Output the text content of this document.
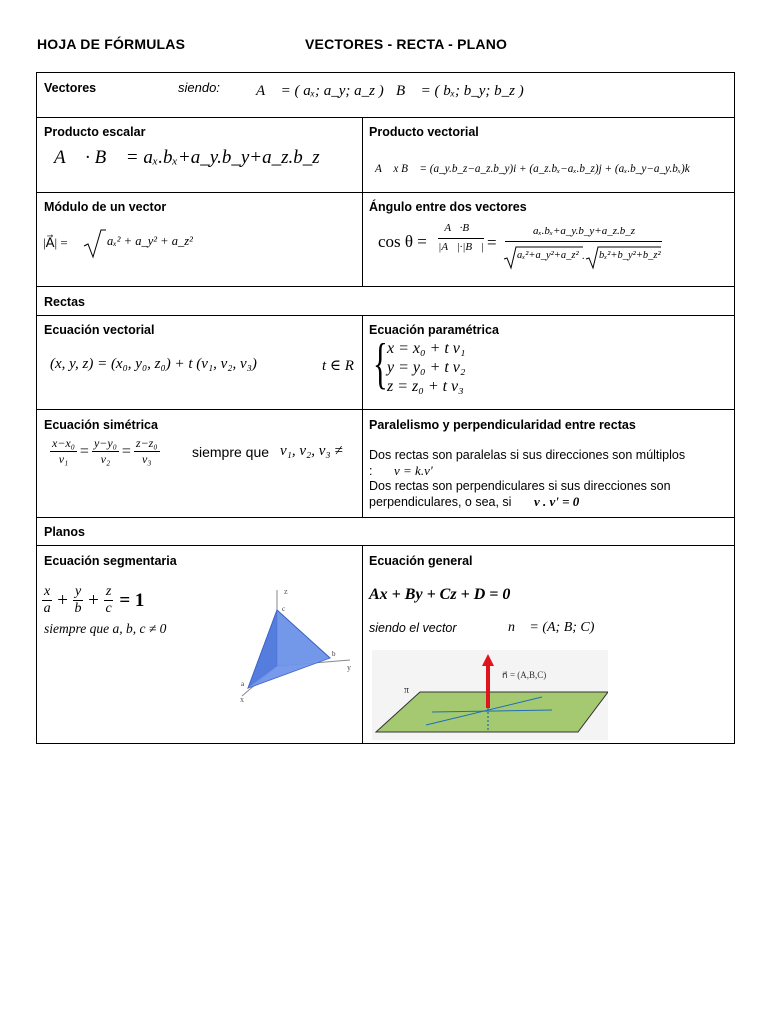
HOJA DE FÓRMULAS	VECTORES - RECTA - PLANO
Vectores	siendo: A⃗ = ( aₓ; a_y; a_z ) B⃗ = ( bₓ; b_y; b_z )
Producto escalar
A⃗ · B⃗ = aₓ.bₓ+a_y.b_y+a_z.b_z
Producto vectorial
A⃗ x B⃗ = (a_y.b_z−a_z.b_y)i + (a_z.bₓ−aₓ.b_z)j + (aₓ.b_y−a_y.bₓ)k
Módulo de un vector
|A⃗| =	aₓ² + a_y² + a_z²
Ángulo entre dos vectores
cos θ =
A⃗·B⃗
|A⃗|·|B⃗| =
aₓ.bₓ+a_y.b_y+a_z.b_z
aₓ²+a_y²+a_z² . bₓ²+b_y²+b_z²
Rectas
Ecuación vectorial
(x, y, z) = (x₀, y₀, z₀) + t (v₁, v₂, v₃)	t ∈ R
Ecuación paramétrica
{ x = x₀ + t v₁
y = y₀ + t v₂
z = z₀ + t v₃
Ecuación simétrica
$\frac{\text{x−x₀}}{\text{v₁}} = \frac{\text{y−y₀}}{\text{v₂}} = \frac{\text{z−z₀}}{\text{v₃}}$ siempre que v₁, v₂, v₃ ≠
Paralelismo y perpendicularidad entre rectas
Dos rectas son paralelas si sus direcciones son múltiplos
: v = k.v'
Dos rectas son perpendiculares si sus direcciones son
perpendiculares, o sea, si v . v' = 0
Planos
Ecuación segmentaria
$\frac{x}{a} + \frac{y}{b} + \frac{z}{c} = 1$
siempre que a, b, c ≠ 0
z
y
x
c
b
a
Ecuación general
Ax + By + Cz + D = 0
siendo el vector	n⃗ = (A; B; C)
n⃗ = (A,B,C)
π
